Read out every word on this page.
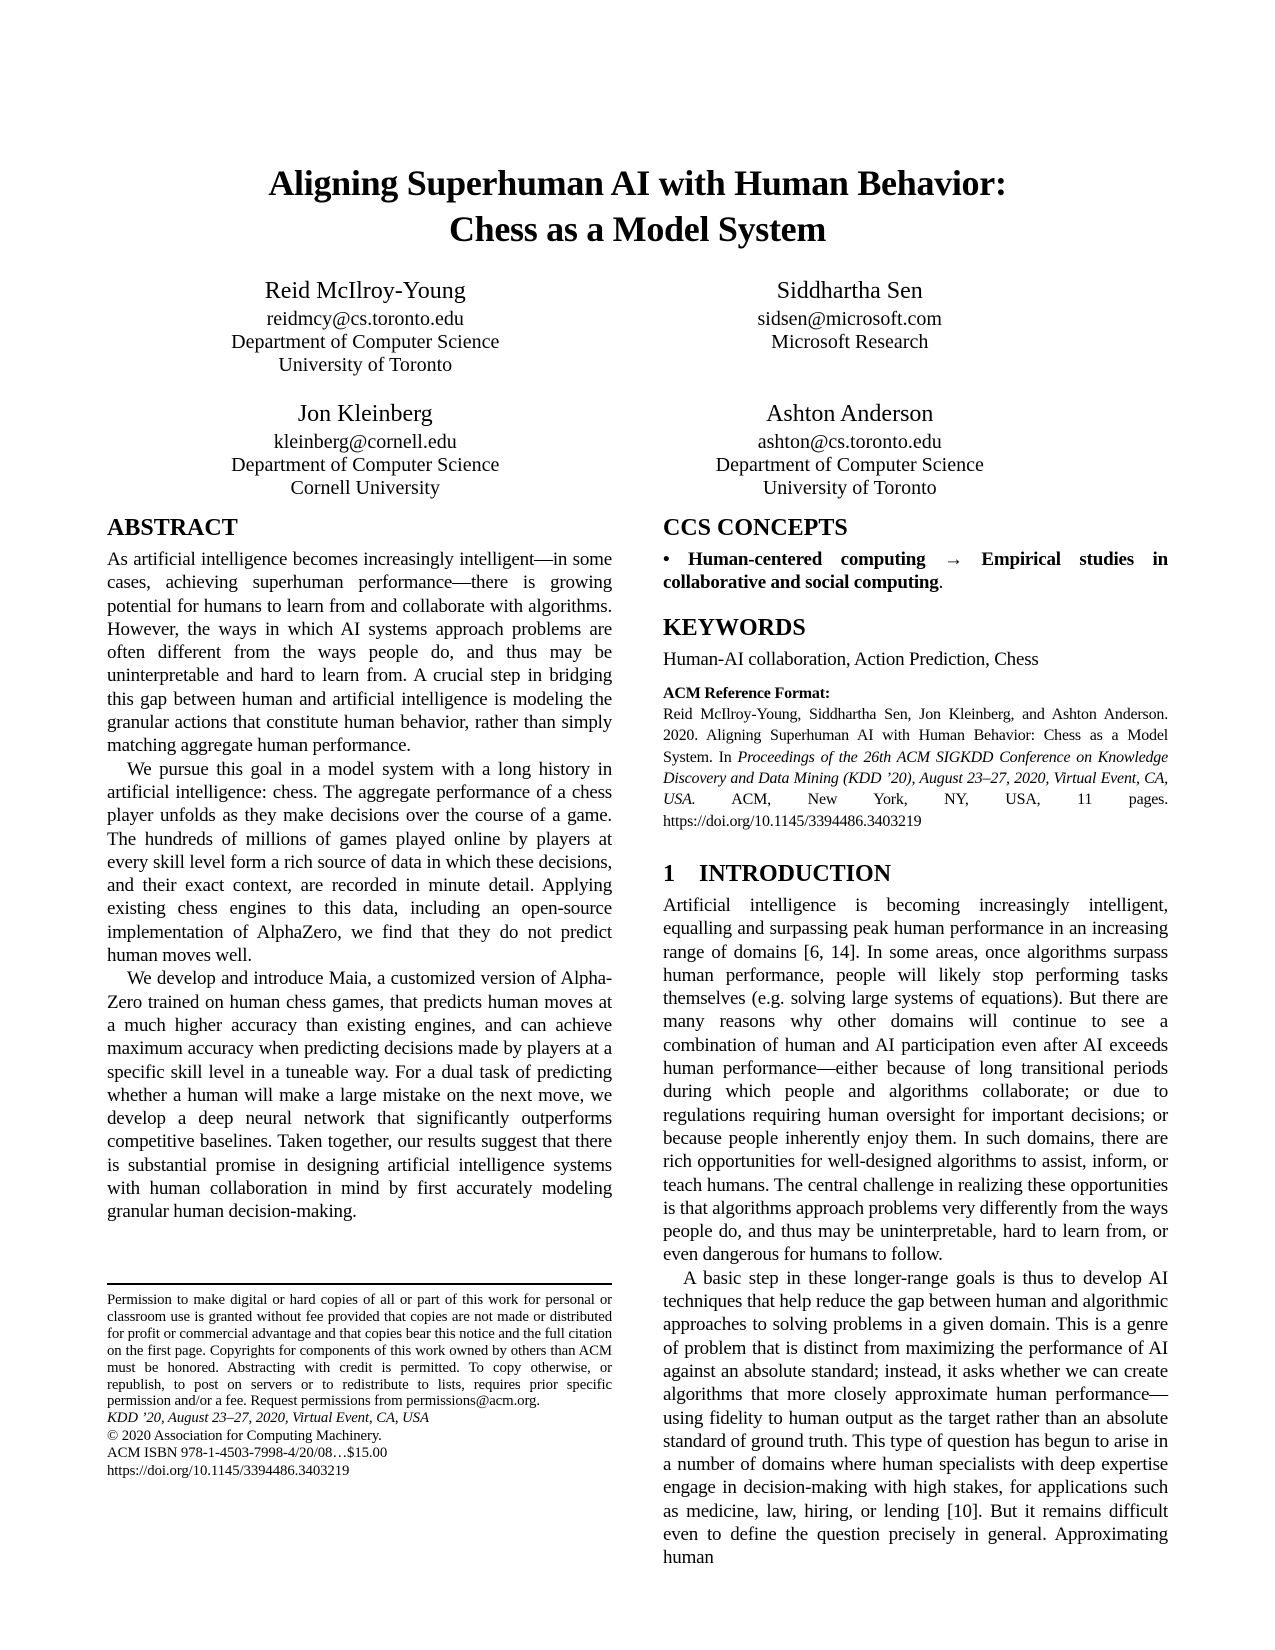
Aligning Superhuman AI with Human Behavior:
Chess as a Model System
Reid McIlroy-Young
reidmcy@cs.toronto.edu
Department of Computer Science
University of Toronto
Siddhartha Sen
sidsen@microsoft.com
Microsoft Research
Jon Kleinberg
kleinberg@cornell.edu
Department of Computer Science
Cornell University
Ashton Anderson
ashton@cs.toronto.edu
Department of Computer Science
University of Toronto
ABSTRACT

As artificial intelligence becomes increasingly intelligent—in some cases, achieving superhuman performance—there is growing potential for humans to learn from and collaborate with algorithms. However, the ways in which AI systems approach problems are often different from the ways people do, and thus may be uninterpretable and hard to learn from. A crucial step in bridging this gap between human and artificial intelligence is modeling the granular actions that constitute human behavior, rather than simply matching aggregate human performance.

We pursue this goal in a model system with a long history in artificial intelligence: chess. The aggregate performance of a chess player unfolds as they make decisions over the course of a game. The hundreds of millions of games played online by players at every skill level form a rich source of data in which these decisions, and their exact context, are recorded in minute detail. Applying existing chess engines to this data, including an open-source implementation of AlphaZero, we find that they do not predict human moves well.

We develop and introduce Maia, a customized version of Alpha-Zero trained on human chess games, that predicts human moves at a much higher accuracy than existing engines, and can achieve maximum accuracy when predicting decisions made by players at a specific skill level in a tuneable way. For a dual task of predicting whether a human will make a large mistake on the next move, we develop a deep neural network that significantly outperforms competitive baselines. Taken together, our results suggest that there is substantial promise in designing artificial intelligence systems with human collaboration in mind by first accurately modeling granular human decision-making.

Permission to make digital or hard copies of all or part of this work for personal or classroom use is granted without fee provided that copies are not made or distributed for profit or commercial advantage and that copies bear this notice and the full citation on the first page. Copyrights for components of this work owned by others than ACM must be honored. Abstracting with credit is permitted. To copy otherwise, or republish, to post on servers or to redistribute to lists, requires prior specific permission and/or a fee. Request permissions from permissions@acm.org.

KDD ’20, August 23–27, 2020, Virtual Event, CA, USA
© 2020 Association for Computing Machinery.
ACM ISBN 978-1-4503-7998-4/20/08…$15.00
https://doi.org/10.1145/3394486.3403219
CCS CONCEPTS

• Human-centered computing → Empirical studies in collaborative and social computing.

KEYWORDS

Human-AI collaboration, Action Prediction, Chess

ACM Reference Format:
Reid McIlroy-Young, Siddhartha Sen, Jon Kleinberg, and Ashton Anderson. 2020. Aligning Superhuman AI with Human Behavior: Chess as a Model System. In Proceedings of the 26th ACM SIGKDD Conference on Knowledge Discovery and Data Mining (KDD ’20), August 23–27, 2020, Virtual Event, CA, USA. ACM, New York, NY, USA, 11 pages. https://doi.org/10.1145/3394486.3403219
1 INTRODUCTION

Artificial intelligence is becoming increasingly intelligent, equalling and surpassing peak human performance in an increasing range of domains [6, 14]. In some areas, once algorithms surpass human performance, people will likely stop performing tasks themselves (e.g. solving large systems of equations). But there are many reasons why other domains will continue to see a combination of human and AI participation even after AI exceeds human performance—either because of long transitional periods during which people and algorithms collaborate; or due to regulations requiring human oversight for important decisions; or because people inherently enjoy them. In such domains, there are rich opportunities for well-designed algorithms to assist, inform, or teach humans. The central challenge in realizing these opportunities is that algorithms approach problems very differently from the ways people do, and thus may be uninterpretable, hard to learn from, or even dangerous for humans to follow.

A basic step in these longer-range goals is thus to develop AI techniques that help reduce the gap between human and algorithmic approaches to solving problems in a given domain. This is a genre of problem that is distinct from maximizing the performance of AI against an absolute standard; instead, it asks whether we can create algorithms that more closely approximate human performance—using fidelity to human output as the target rather than an absolute standard of ground truth. This type of question has begun to arise in a number of domains where human specialists with deep expertise engage in decision-making with high stakes, for applications such as medicine, law, hiring, or lending [10]. But it remains difficult even to define the question precisely in general. Approximating human
